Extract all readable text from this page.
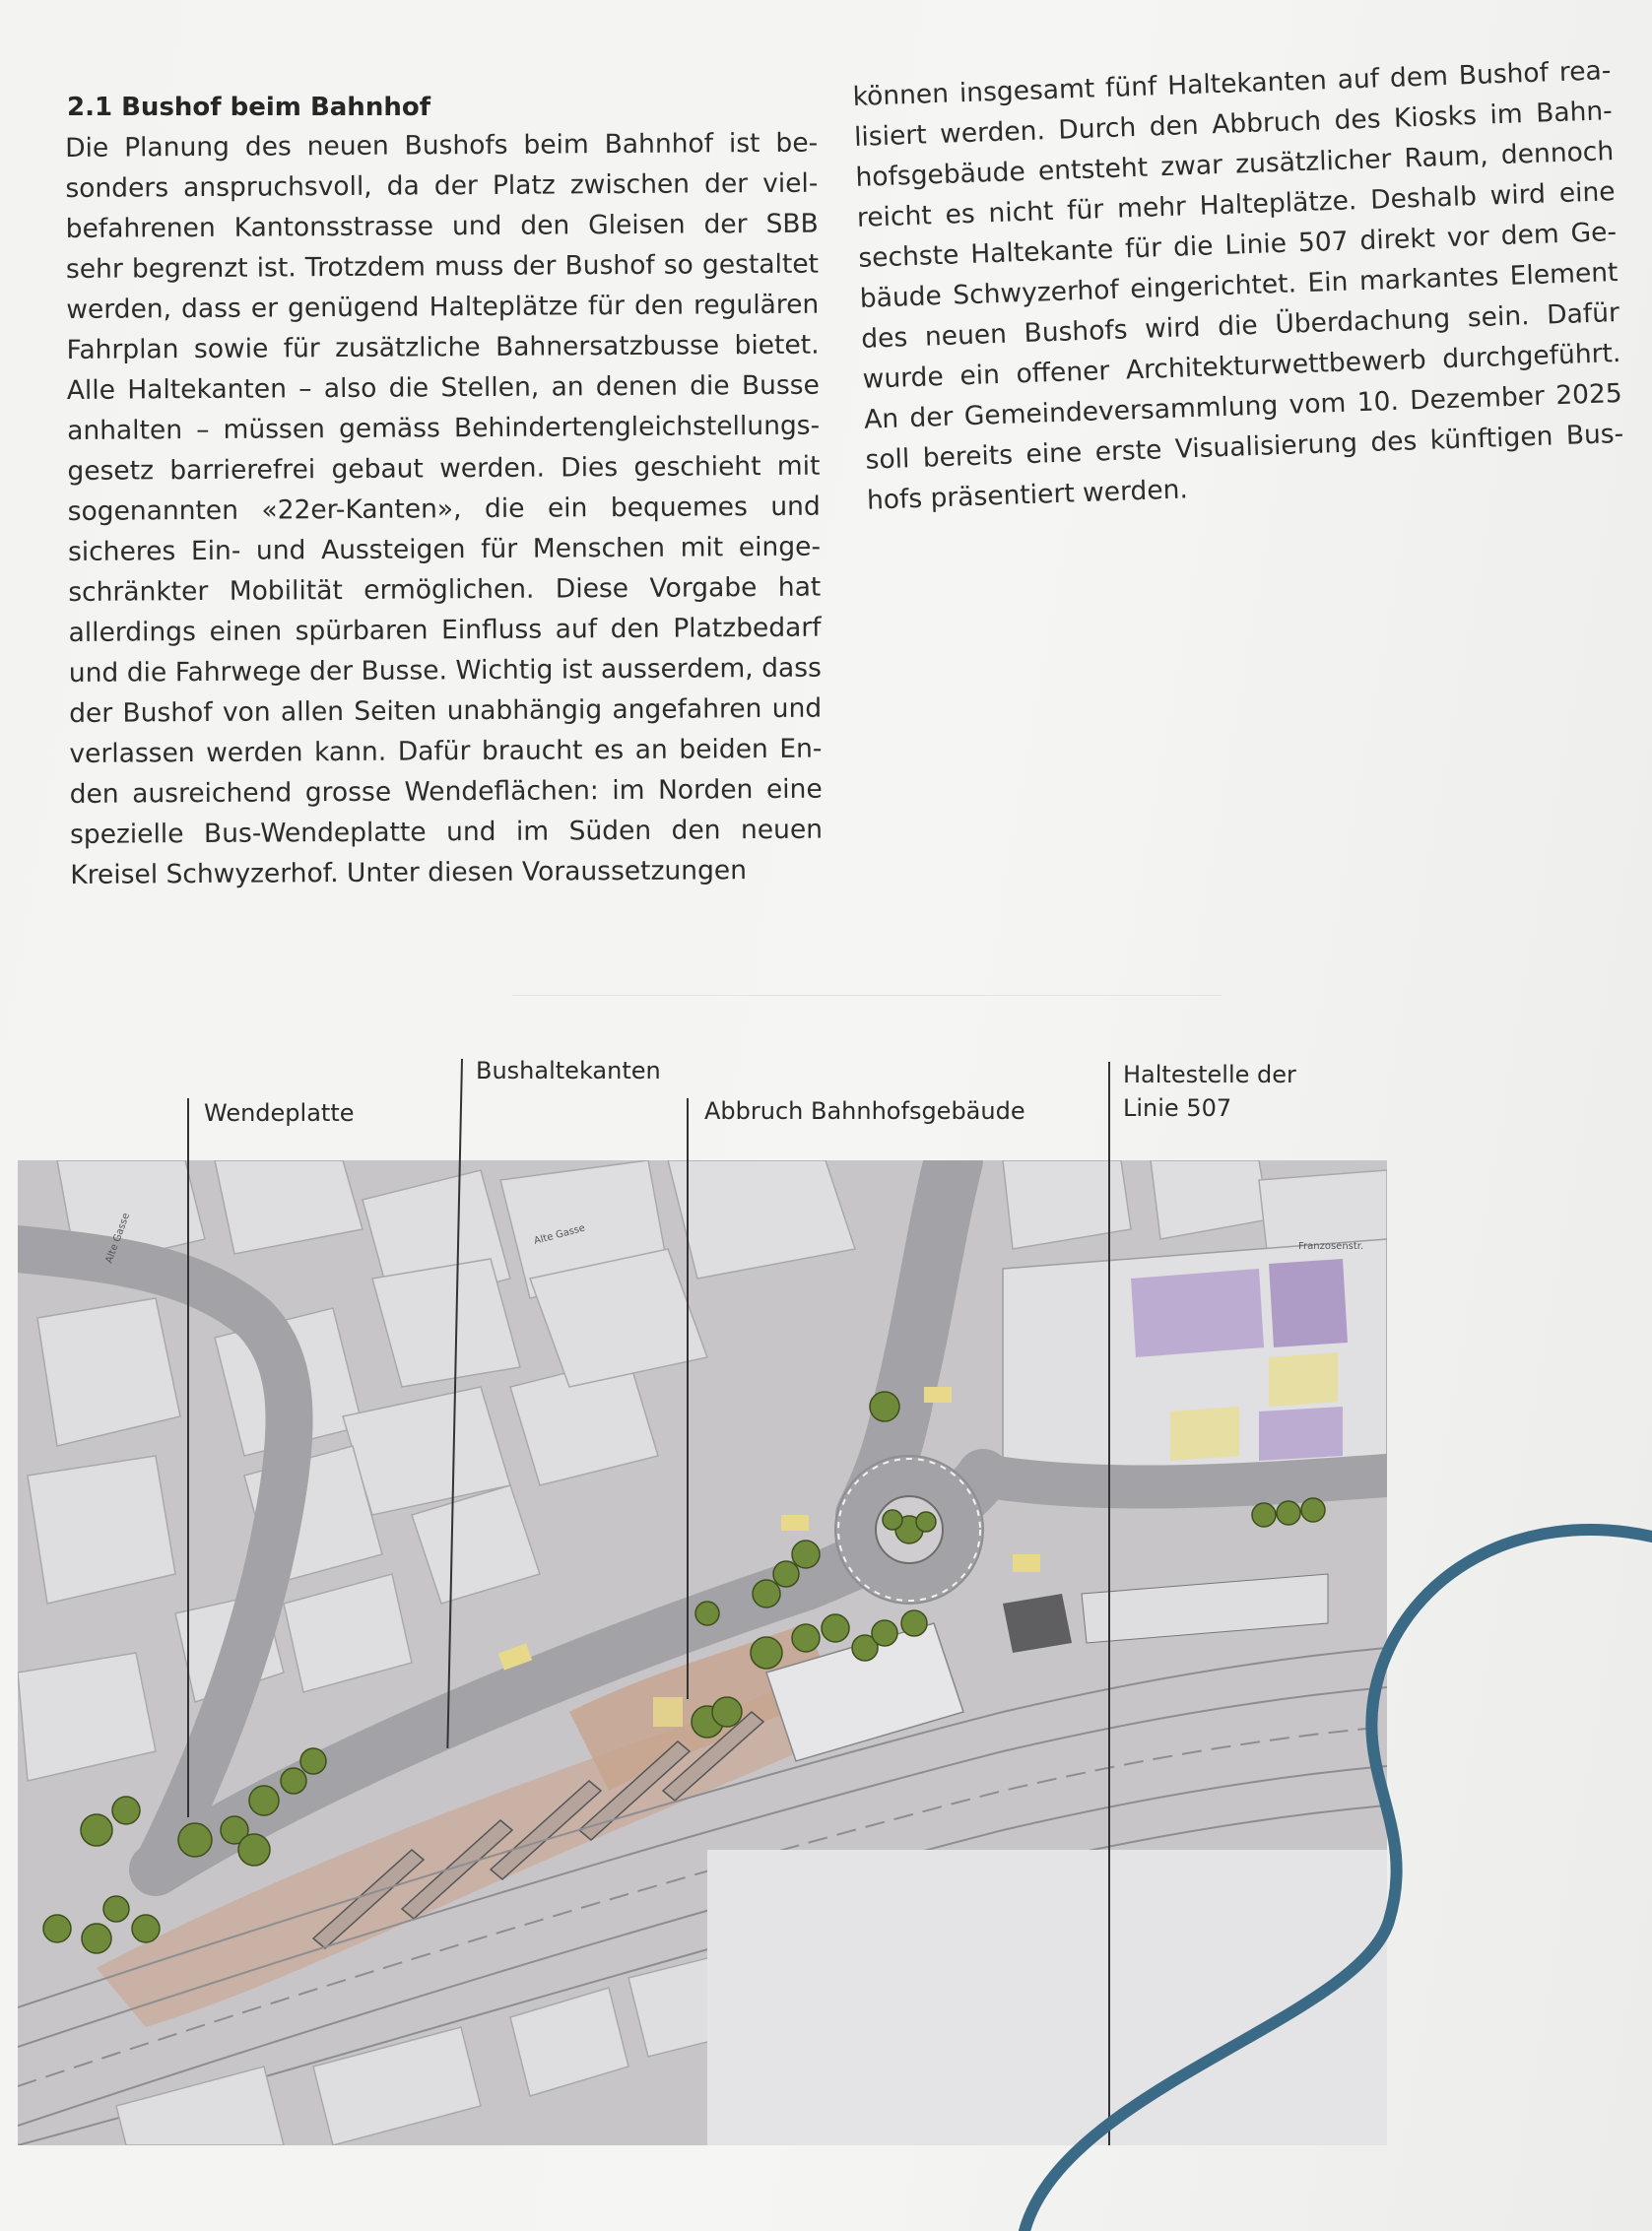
2.1 Bushof beim Bahnhof

Die Planung des neuen Bushofs beim Bahnhof ist besonders anspruchsvoll, da der Platz zwischen der vielbefahrenen Kantonsstrasse und den Gleisen der SBB sehr begrenzt ist. Trotzdem muss der Bushof so gestaltet werden, dass er genügend Halteplätze für den regulären Fahrplan sowie für zusätzliche Bahnersatzbusse bietet. Alle Haltekanten – also die Stellen, an denen die Busse anhalten – müssen gemäss Behindertengleichstellungsgesetz barrierefrei gebaut werden. Dies geschieht mit sogenannten «22er-Kanten», die ein bequemes und sicheres Ein- und Aussteigen für Menschen mit eingeschränkter Mobilität ermöglichen. Diese Vorgabe hat allerdings einen spürbaren Einfluss auf den Platzbedarf und die Fahrwege der Busse. Wichtig ist ausserdem, dass der Bushof von allen Seiten unabhängig angefahren und verlassen werden kann. Dafür braucht es an beiden Enden ausreichend grosse Wendeflächen: im Norden eine spezielle Bus-Wendeplatte und im Süden den neuen Kreisel Schwyzerhof. Unter diesen Voraussetzungen

können insgesamt fünf Haltekanten auf dem Bushof realisiert werden. Durch den Abbruch des Kiosks im Bahnhofsgebäude entsteht zwar zusätzlicher Raum, dennoch reicht es nicht für mehr Halteplätze. Deshalb wird eine sechste Haltekante für die Linie 507 direkt vor dem Gebäude Schwyzerhof eingerichtet. Ein markantes Element des neuen Bushofs wird die Überdachung sein. Dafür wurde ein offener Architekturwettbewerb durchgeführt. An der Gemeindeversammlung vom 10. Dezember 2025 soll bereits eine erste Visualisierung des künftigen Bushofs präsentiert werden.

Alte Gasse
Alte Gasse	Franzosenstr.
Wendeplatte
Bushaltekanten
Abbruch Bahnhofsgebäude
Haltestelle der
Linie 507
